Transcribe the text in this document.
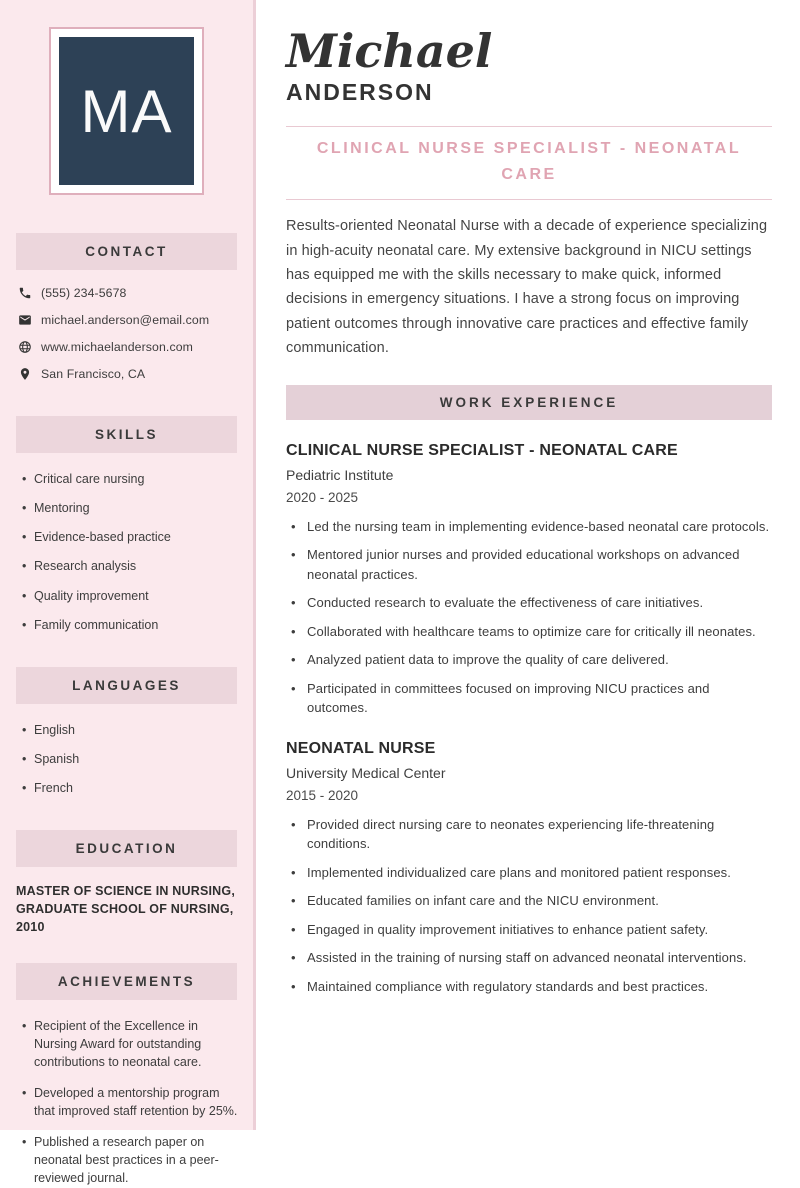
MA
CONTACT
(555) 234-5678
michael.anderson@email.com
www.michaelanderson.com
San Francisco, CA
SKILLS
• Critical care nursing
• Mentoring
• Evidence-based practice
• Research analysis
• Quality improvement
• Family communication
LANGUAGES
• English
• Spanish
• French
EDUCATION
MASTER OF SCIENCE IN NURSING, GRADUATE SCHOOL OF NURSING, 2010
ACHIEVEMENTS
• Recipient of the Excellence in Nursing Award for outstanding contributions to neonatal care.
• Developed a mentorship program that improved staff retention by 25%.
• Published a research paper on neonatal best practices in a peer-reviewed journal.
Michael
ANDERSON
CLINICAL NURSE SPECIALIST - NEONATAL CARE

Results-oriented Neonatal Nurse with a decade of experience specializing in high-acuity neonatal care. My extensive background in NICU settings has equipped me with the skills necessary to make quick, informed decisions in emergency situations. I have a strong focus on improving patient outcomes through innovative care practices and effective family communication.

WORK EXPERIENCE
CLINICAL NURSE SPECIALIST - NEONATAL CARE
Pediatric Institute
2020 - 2025
• Led the nursing team in implementing evidence-based neonatal care protocols.
• Mentored junior nurses and provided educational workshops on advanced neonatal practices.
• Conducted research to evaluate the effectiveness of care initiatives.
• Collaborated with healthcare teams to optimize care for critically ill neonates.
• Analyzed patient data to improve the quality of care delivered.
• Participated in committees focused on improving NICU practices and outcomes.
NEONATAL NURSE
University Medical Center
2015 - 2020
• Provided direct nursing care to neonates experiencing life-threatening conditions.
• Implemented individualized care plans and monitored patient responses.
• Educated families on infant care and the NICU environment.
• Engaged in quality improvement initiatives to enhance patient safety.
• Assisted in the training of nursing staff on advanced neonatal interventions.
• Maintained compliance with regulatory standards and best practices.
